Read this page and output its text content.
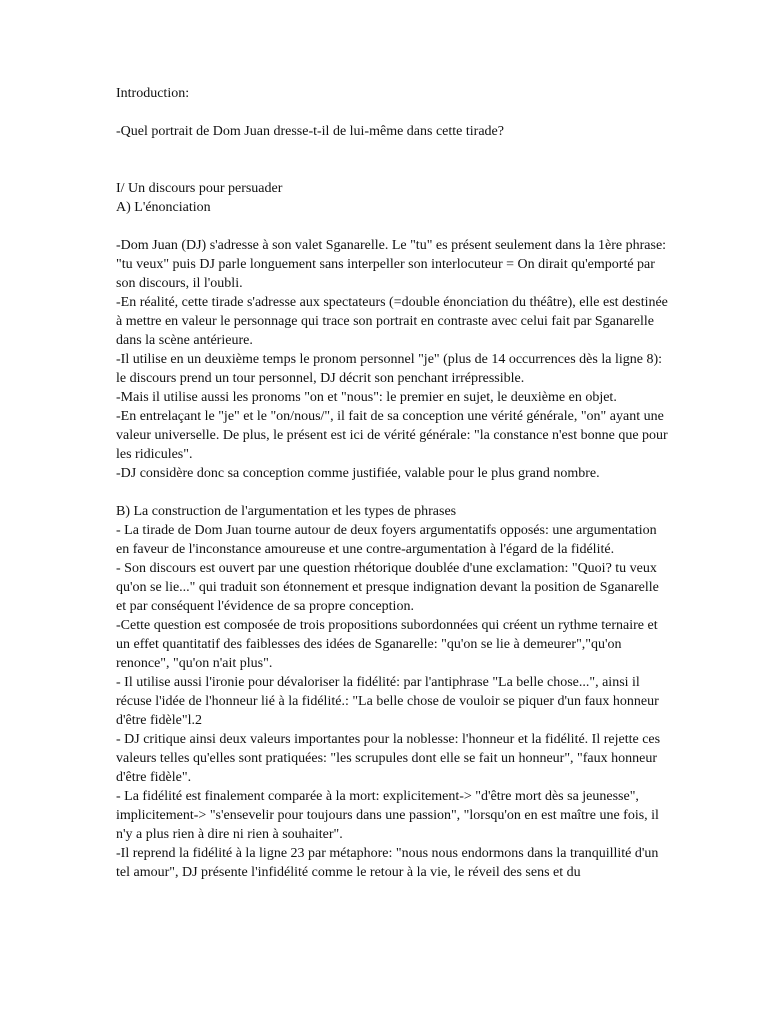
Introduction:

-Quel portrait de Dom Juan dresse-t-il de lui-même dans cette tirade?

I/ Un discours pour persuader

A) L'énonciation

-Dom Juan (DJ) s'adresse à son valet Sganarelle. Le "tu" es présent seulement dans la 1ère phrase: "tu veux" puis DJ parle longuement sans interpeller son interlocuteur = On dirait qu'emporté par son discours, il l'oubli.

-En réalité, cette tirade s'adresse aux spectateurs (=double énonciation du théâtre), elle est destinée à mettre en valeur le personnage qui trace son portrait en contraste avec celui fait par Sganarelle dans la scène antérieure.

-Il utilise en un deuxième temps le pronom personnel "je" (plus de 14 occurrences dès la ligne 8): le discours prend un tour personnel, DJ décrit son penchant irrépressible.

-Mais il utilise aussi les pronoms "on et "nous": le premier en sujet, le deuxième en objet.

-En entrelaçant le "je" et le "on/nous/", il fait de sa conception une vérité générale, "on" ayant une valeur universelle. De plus, le présent est ici de vérité générale: "la constance n'est bonne que pour les ridicules".

-DJ considère donc sa conception comme justifiée, valable pour le plus grand nombre.

B) La construction de l'argumentation et les types de phrases

- La tirade de Dom Juan tourne autour de deux foyers argumentatifs opposés: une argumentation en faveur de l'inconstance amoureuse et une contre-argumentation à l'égard de la fidélité.

- Son discours est ouvert par une question rhétorique doublée d'une exclamation: "Quoi? tu veux qu'on se lie..." qui traduit son étonnement et presque indignation devant la position de Sganarelle et par conséquent l'évidence de sa propre conception.

-Cette question est composée de trois propositions subordonnées qui créent un rythme ternaire et un effet quantitatif des faiblesses des idées de Sganarelle: "qu'on se lie à demeurer","qu'on renonce", "qu'on n'ait plus".

- Il utilise aussi l'ironie pour dévaloriser la fidélité: par l'antiphrase "La belle chose...", ainsi il récuse l'idée de l'honneur lié à la fidélité.: "La belle chose de vouloir se piquer d'un faux honneur d'être fidèle"l.2

- DJ critique ainsi deux valeurs importantes pour la noblesse: l'honneur et la fidélité. Il rejette ces valeurs telles qu'elles sont pratiquées: "les scrupules dont elle se fait un honneur", "faux honneur d'être fidèle".

- La fidélité est finalement comparée à la mort: explicitement-> "d'être mort dès sa jeunesse", implicitement-> "s'ensevelir pour toujours dans une passion", "lorsqu'on en est maître une fois, il n'y a plus rien à dire ni rien à souhaiter".

-Il reprend la fidélité à la ligne 23 par métaphore: "nous nous endormons dans la tranquillité d'un tel amour", DJ présente l'infidélité comme le retour à la vie, le réveil des sens et du
